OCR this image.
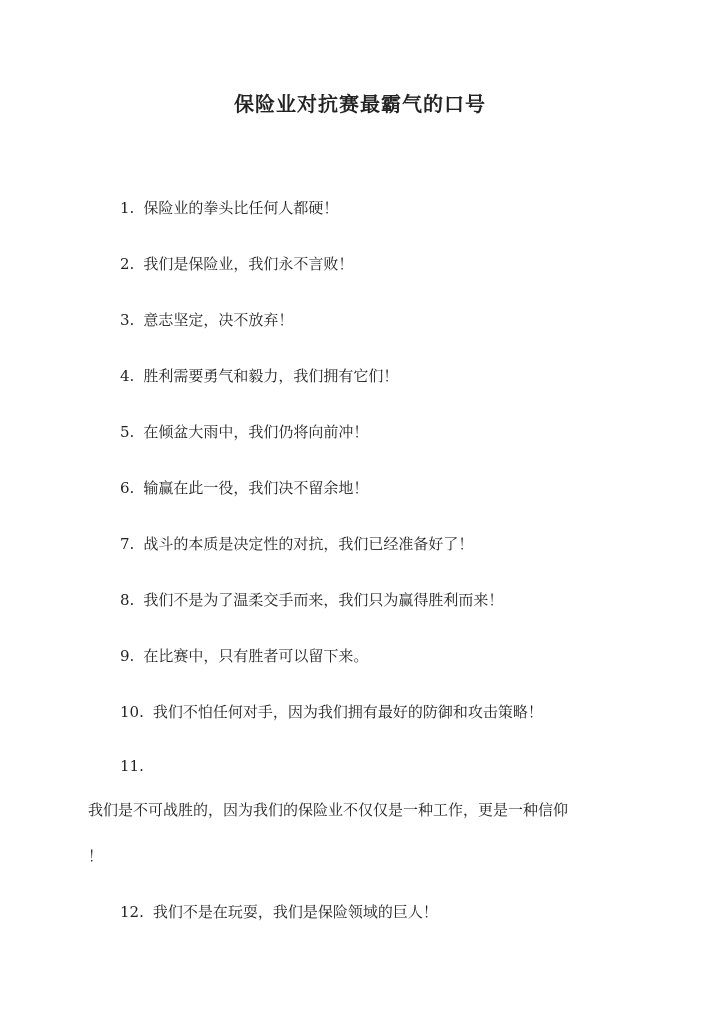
保险业对抗赛最霸气的口号
1. 保险业的拳头比任何人都硬！
2. 我们是保险业，我们永不言败！
3. 意志坚定，决不放弃！
4. 胜利需要勇气和毅力，我们拥有它们！
5. 在倾盆大雨中，我们仍将向前冲！
6. 输赢在此一役，我们决不留余地！
7. 战斗的本质是决定性的对抗，我们已经准备好了！
8. 我们不是为了温柔交手而来，我们只为赢得胜利而来！
9. 在比赛中，只有胜者可以留下来。
10. 我们不怕任何对手，因为我们拥有最好的防御和攻击策略！
11.
我们是不可战胜的，因为我们的保险业不仅仅是一种工作，更是一种信仰
！
12. 我们不是在玩耍，我们是保险领域的巨人！
